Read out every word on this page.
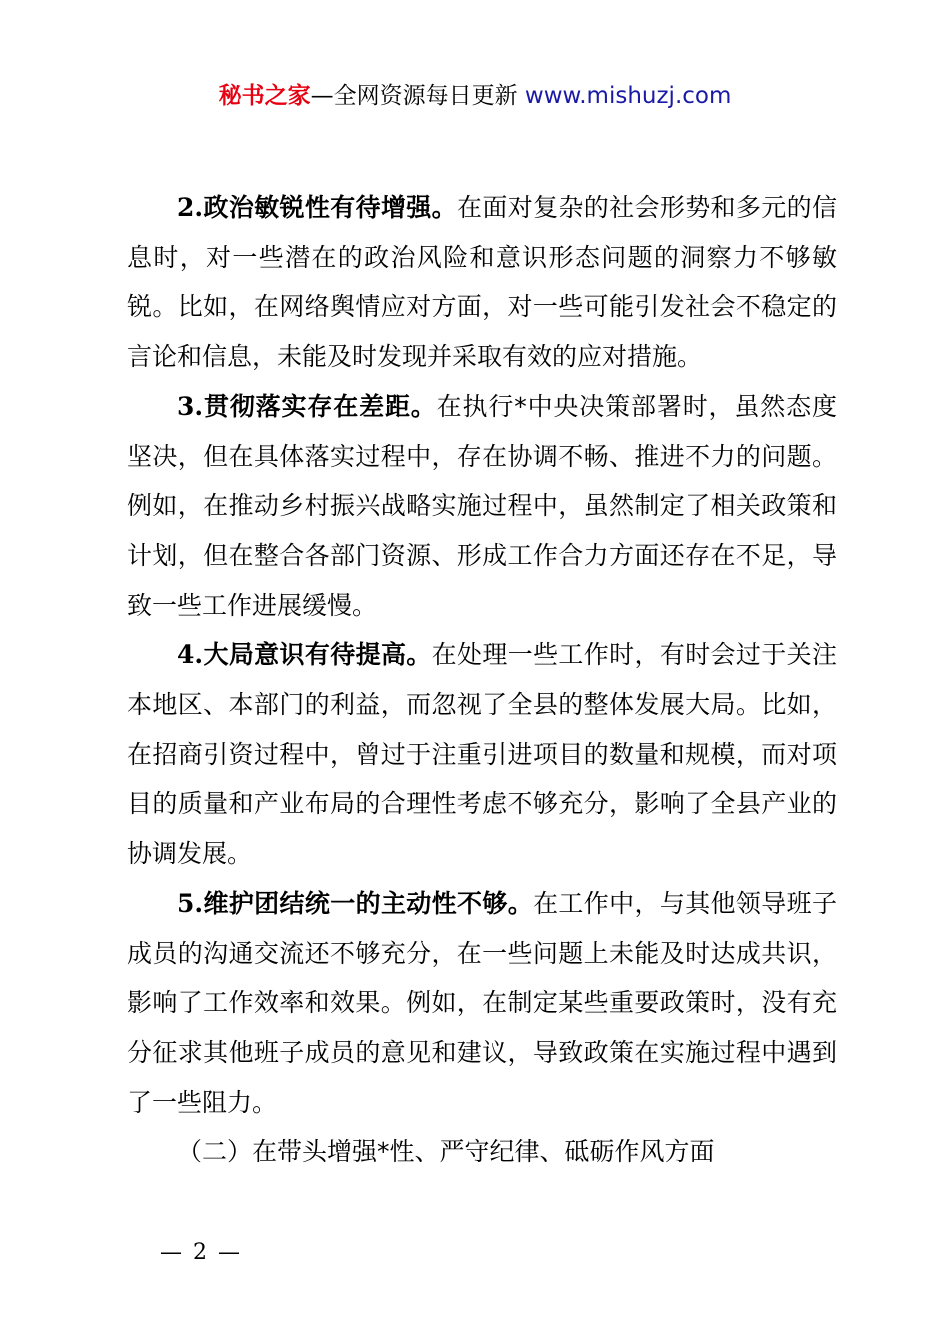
秘书之家—全网资源每日更新 www.mishuzj.com

2.政治敏锐性有待增强。在面对复杂的社会形势和多元的信息时，对一些潜在的政治风险和意识形态问题的洞察力不够敏锐。比如，在网络舆情应对方面，对一些可能引发社会不稳定的言论和信息，未能及时发现并采取有效的应对措施。

3.贯彻落实存在差距。在执行*中央决策部署时，虽然态度坚决，但在具体落实过程中，存在协调不畅、推进不力的问题。例如，在推动乡村振兴战略实施过程中，虽然制定了相关政策和计划，但在整合各部门资源、形成工作合力方面还存在不足，导致一些工作进展缓慢。

4.大局意识有待提高。在处理一些工作时，有时会过于关注本地区、本部门的利益，而忽视了全县的整体发展大局。比如，在招商引资过程中，曾过于注重引进项目的数量和规模，而对项目的质量和产业布局的合理性考虑不够充分，影响了全县产业的协调发展。

5.维护团结统一的主动性不够。在工作中，与其他领导班子成员的沟通交流还不够充分，在一些问题上未能及时达成共识，影响了工作效率和效果。例如，在制定某些重要政策时，没有充分征求其他班子成员的意见和建议，导致政策在实施过程中遇到了一些阻力。

（二）在带头增强*性、严守纪律、砥砺作风方面

— 2 —
